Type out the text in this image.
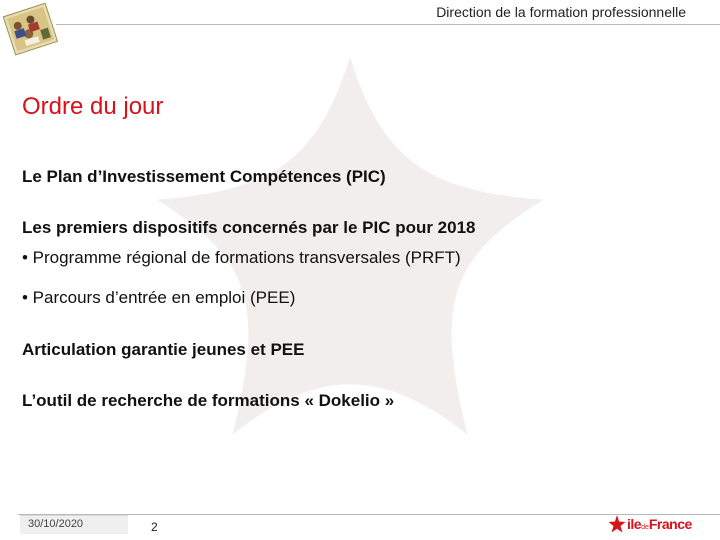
Direction de la formation professionnelle
Ordre du jour
Le Plan d’Investissement Compétences (PIC)
Les premiers dispositifs concernés par le PIC pour 2018
• Programme régional de formations transversales (PRFT)
• Parcours d’entrée en emploi (PEE)
Articulation garantie jeunes et PEE
L’outil de recherche de formations « Dokelio »
30/10/2020	2	iledeFrance
